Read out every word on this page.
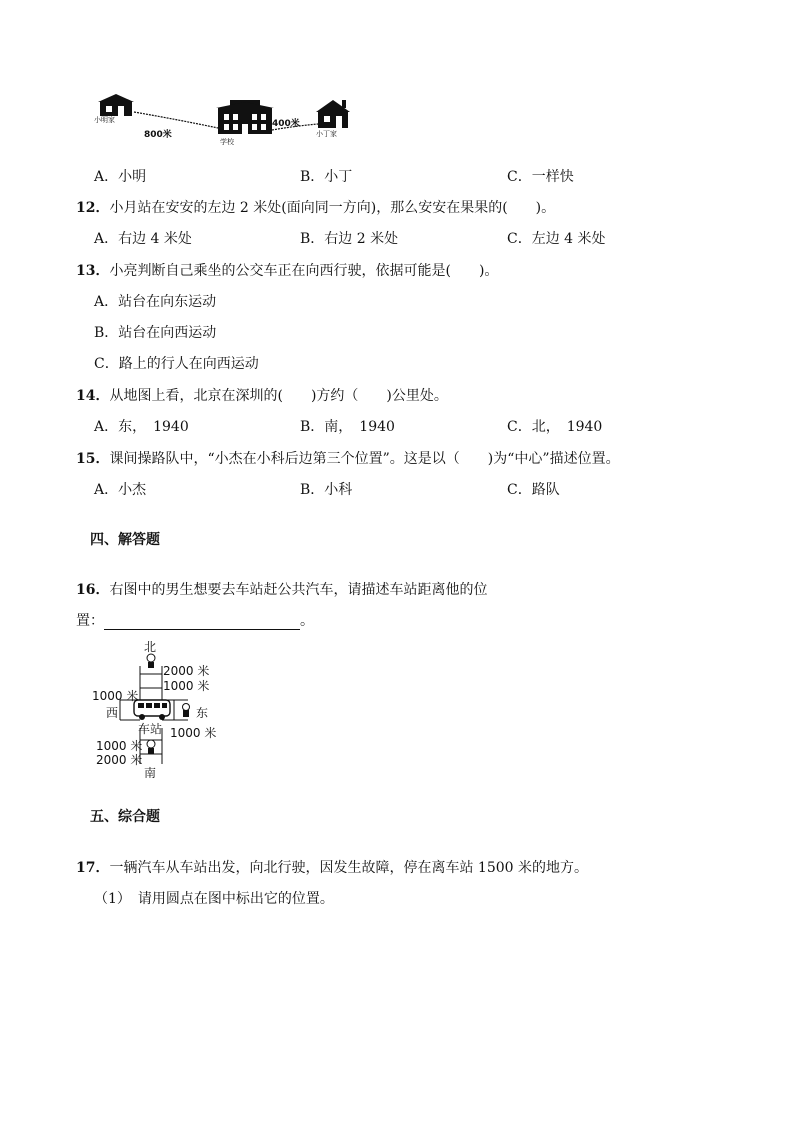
小明家
学校
小丁家
800米
400米
A．小明	B．小丁	C．一样快
12．小月站在安安的左边 2 米处(面向同一方向)，那么安安在果果的(　　)。
A．右边 4 米处	B．右边 2 米处	C．左边 4 米处
13．小亮判断自己乘坐的公交车正在向西行驶，依据可能是(　　)。
A．站台在向东运动
B．站台在向西运动
C．路上的行人在向西运动
14．从地图上看，北京在深圳的(　　)方约（　　)公里处。
A．东，　1940	B．南，　1940	C．北，　1940
15．课间操路队中，“小杰在小科后边第三个位置”。这是以（　　)为“中心”描述位置。
A．小杰	B．小科	C．路队
四、解答题
16．右图中的男生想要去车站赶公共汽车，请描述车站距离他的位
置：	。
北
2000 米
1000 米
1000 米
西	东
车站 1000 米
1000 米
2000 米
南
五、综合题
17．一辆汽车从车站出发，向北行驶，因发生故障，停在离车站 1500 米的地方。
（1）　请用圆点在图中标出它的位置。
